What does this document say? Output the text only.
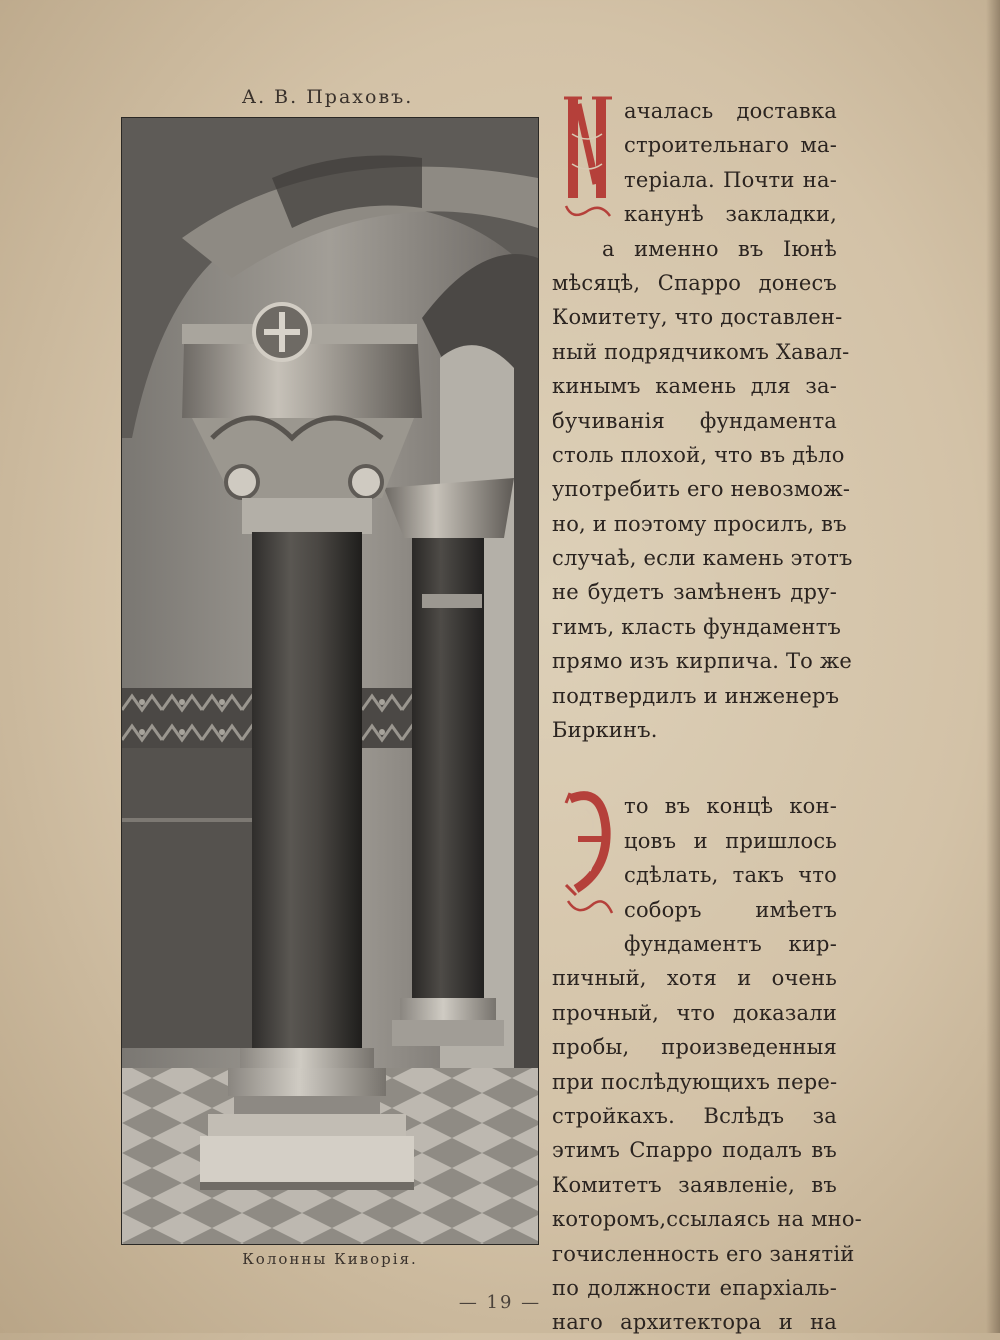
А. В. Праховъ.
Колонны Киворія.
ачалась доставка
строительнаго ма-
теріала. Почти на-
канунѣ закладки,
а именно въ Іюнѣ
мѣсяцѣ, Спарро донесъ
Комитету, что доставлен-
ный подрядчикомъ Хавал-
кинымъ камень для за-
бучиванія фундамента
столь плохой, что въ дѣло
употребить его невозмож-
но, и поэтому просилъ, въ
случаѣ, если камень этотъ
не будетъ замѣненъ дру-
гимъ, класть фундаментъ
прямо изъ кирпича. То же
подтвердилъ и инженеръ
Биркинъ.
то въ концѣ кон-
цовъ и пришлось
сдѣлать, такъ что
соборъ имѣетъ
фундаментъ кир-
пичный, хотя и очень
прочный, что доказали
пробы, произведенныя
при послѣдующихъ пере-
стройкахъ. Вслѣдъ за
этимъ Спарро подалъ въ
Комитетъ заявленіе, въ
которомъ,ссылаясь на мно-
гочисленность его занятій
по должности епархіаль-
наго архитектора и на
— 19 —
